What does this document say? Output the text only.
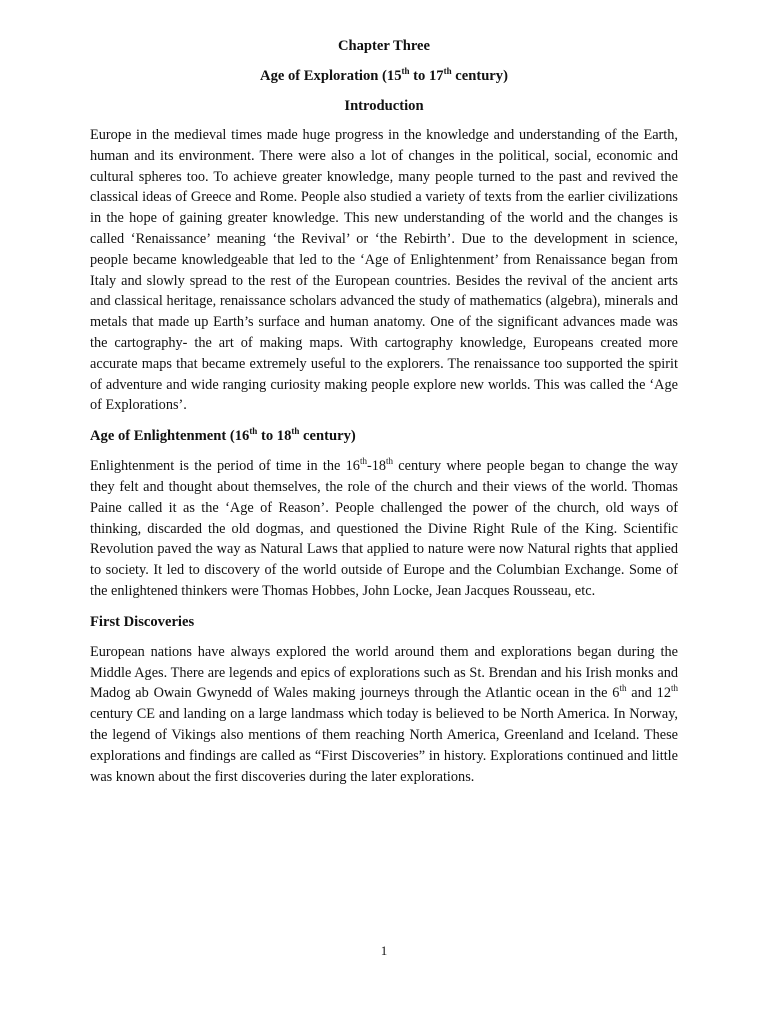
Chapter Three

Age of Exploration (15th to 17th century)

Introduction

Europe in the medieval times made huge progress in the knowledge and understanding of the Earth, human and its environment. There were also a lot of changes in the political, social, economic and cultural spheres too. To achieve greater knowledge, many people turned to the past and revived the classical ideas of Greece and Rome. People also studied a variety of texts from the earlier civilizations in the hope of gaining greater knowledge. This new understanding of the world and the changes is called ‘Renaissance’ meaning ‘the Revival’ or ‘the Rebirth’. Due to the development in science, people became knowledgeable that led to the ‘Age of Enlightenment’ from Renaissance began from Italy and slowly spread to the rest of the European countries. Besides the revival of the ancient arts and classical heritage, renaissance scholars advanced the study of mathematics (algebra), minerals and metals that made up Earth’s surface and human anatomy. One of the significant advances made was the cartography- the art of making maps. With cartography knowledge, Europeans created more accurate maps that became extremely useful to the explorers. The renaissance too supported the spirit of adventure and wide ranging curiosity making people explore new worlds. This was called the ‘Age of Explorations’.

Age of Enlightenment (16th to 18th century)

Enlightenment is the period of time in the 16th-18th century where people began to change the way they felt and thought about themselves, the role of the church and their views of the world. Thomas Paine called it as the ‘Age of Reason’. People challenged the power of the church, old ways of thinking, discarded the old dogmas, and questioned the Divine Right Rule of the King. Scientific Revolution paved the way as Natural Laws that applied to nature were now Natural rights that applied to society. It led to discovery of the world outside of Europe and the Columbian Exchange. Some of the enlightened thinkers were Thomas Hobbes, John Locke, Jean Jacques Rousseau, etc.

First Discoveries

European nations have always explored the world around them and explorations began during the Middle Ages. There are legends and epics of explorations such as St. Brendan and his Irish monks and Madog ab Owain Gwynedd of Wales making journeys through the Atlantic ocean in the 6th and 12th century CE and landing on a large landmass which today is believed to be North America. In Norway, the legend of Vikings also mentions of them reaching North America, Greenland and Iceland. These explorations and findings are called as “First Discoveries” in history. Explorations continued and little was known about the first discoveries during the later explorations.

1
